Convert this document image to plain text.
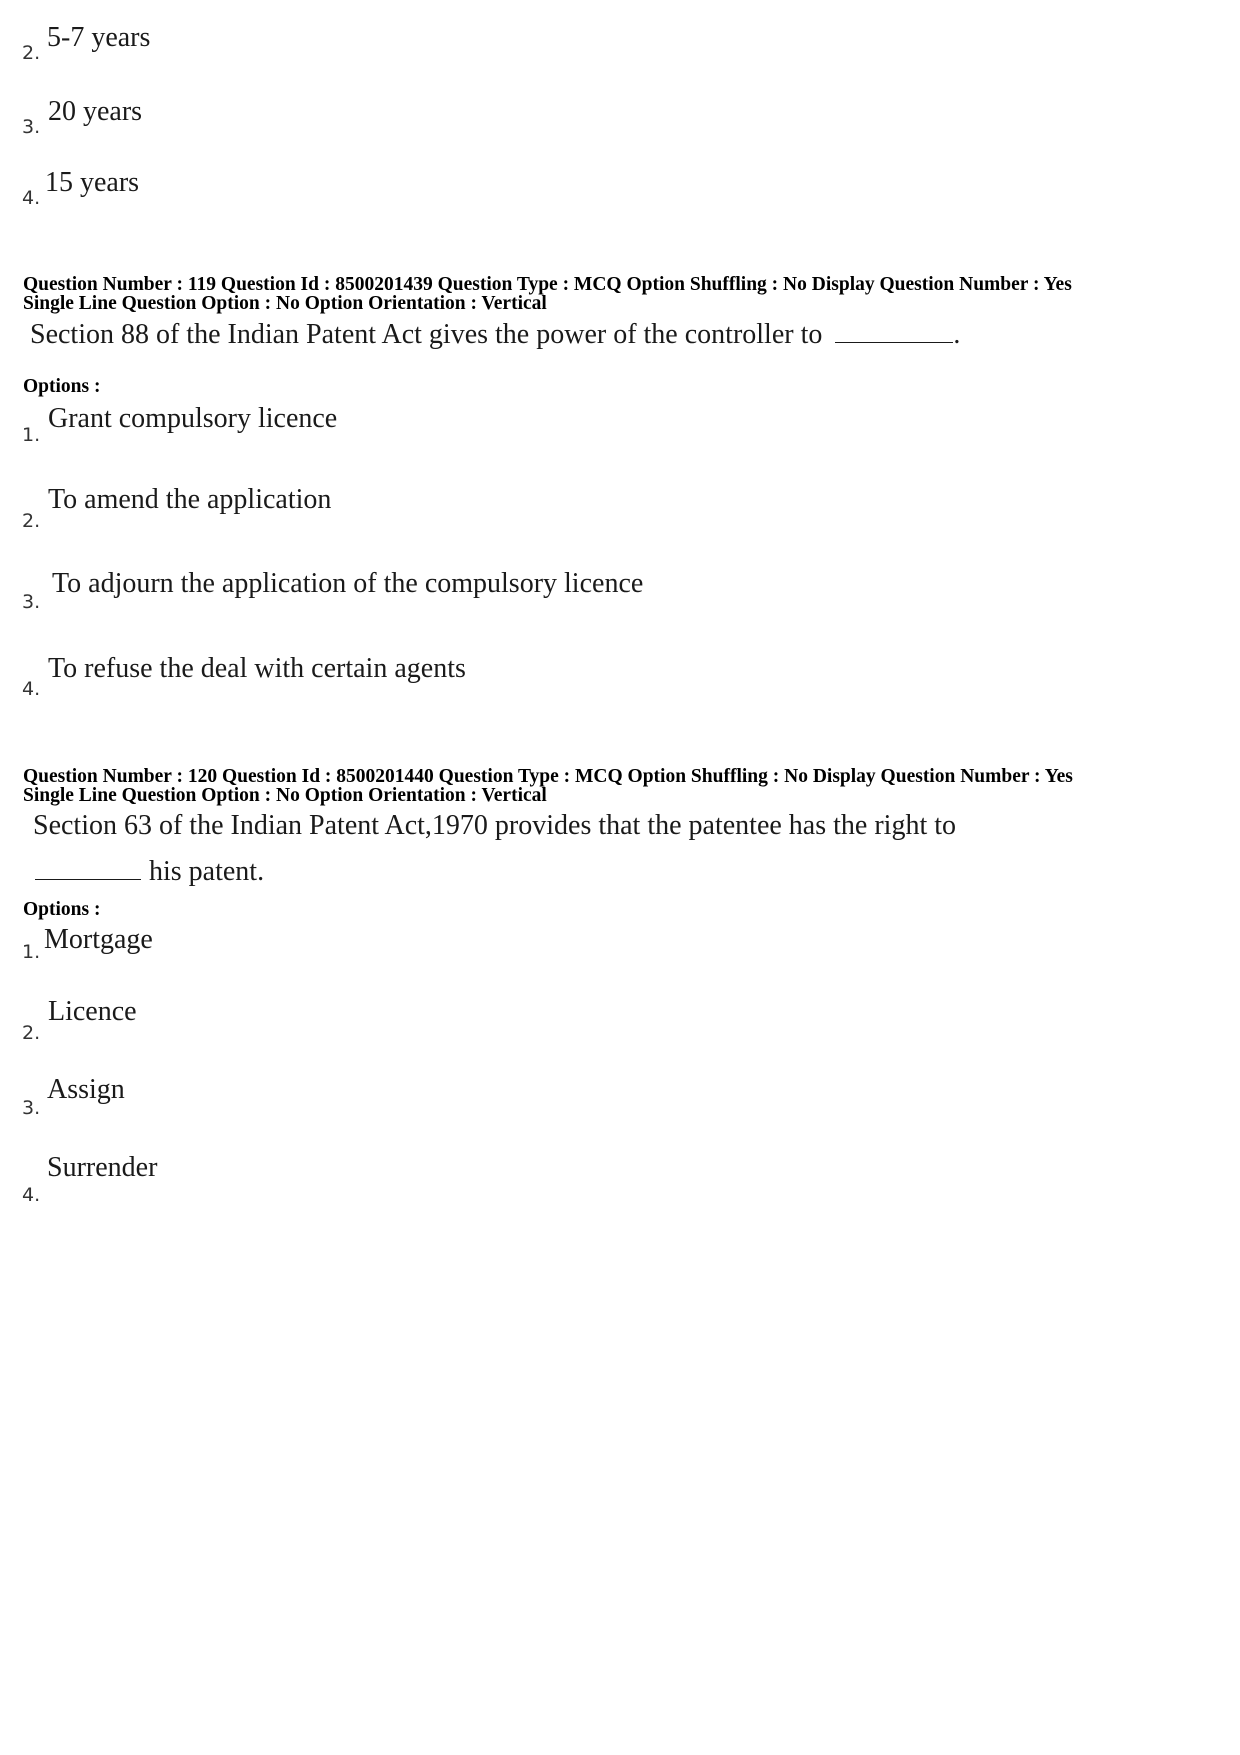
2. 5-7 years
3. 20 years
4. 15 years
Question Number : 119 Question Id : 8500201439 Question Type : MCQ Option Shuffling : No Display Question Number : Yes
Single Line Question Option : No Option Orientation : Vertical
Section 88 of the Indian Patent Act gives the power of the controller to	.
Options :
1.
Grant compulsory licence
2.
To amend the application
3.
To adjourn the application of the compulsory licence
4.
To refuse the deal with certain agents
Question Number : 120 Question Id : 8500201440 Question Type : MCQ Option Shuffling : No Display Question Number : Yes
Single Line Question Option : No Option Orientation : Vertical
Section 63 of the Indian Patent Act,1970 provides that the patentee has the right to
his patent.
Options :
1. Mortgage
2.
Licence
3.
Assign
4.
Surrender
